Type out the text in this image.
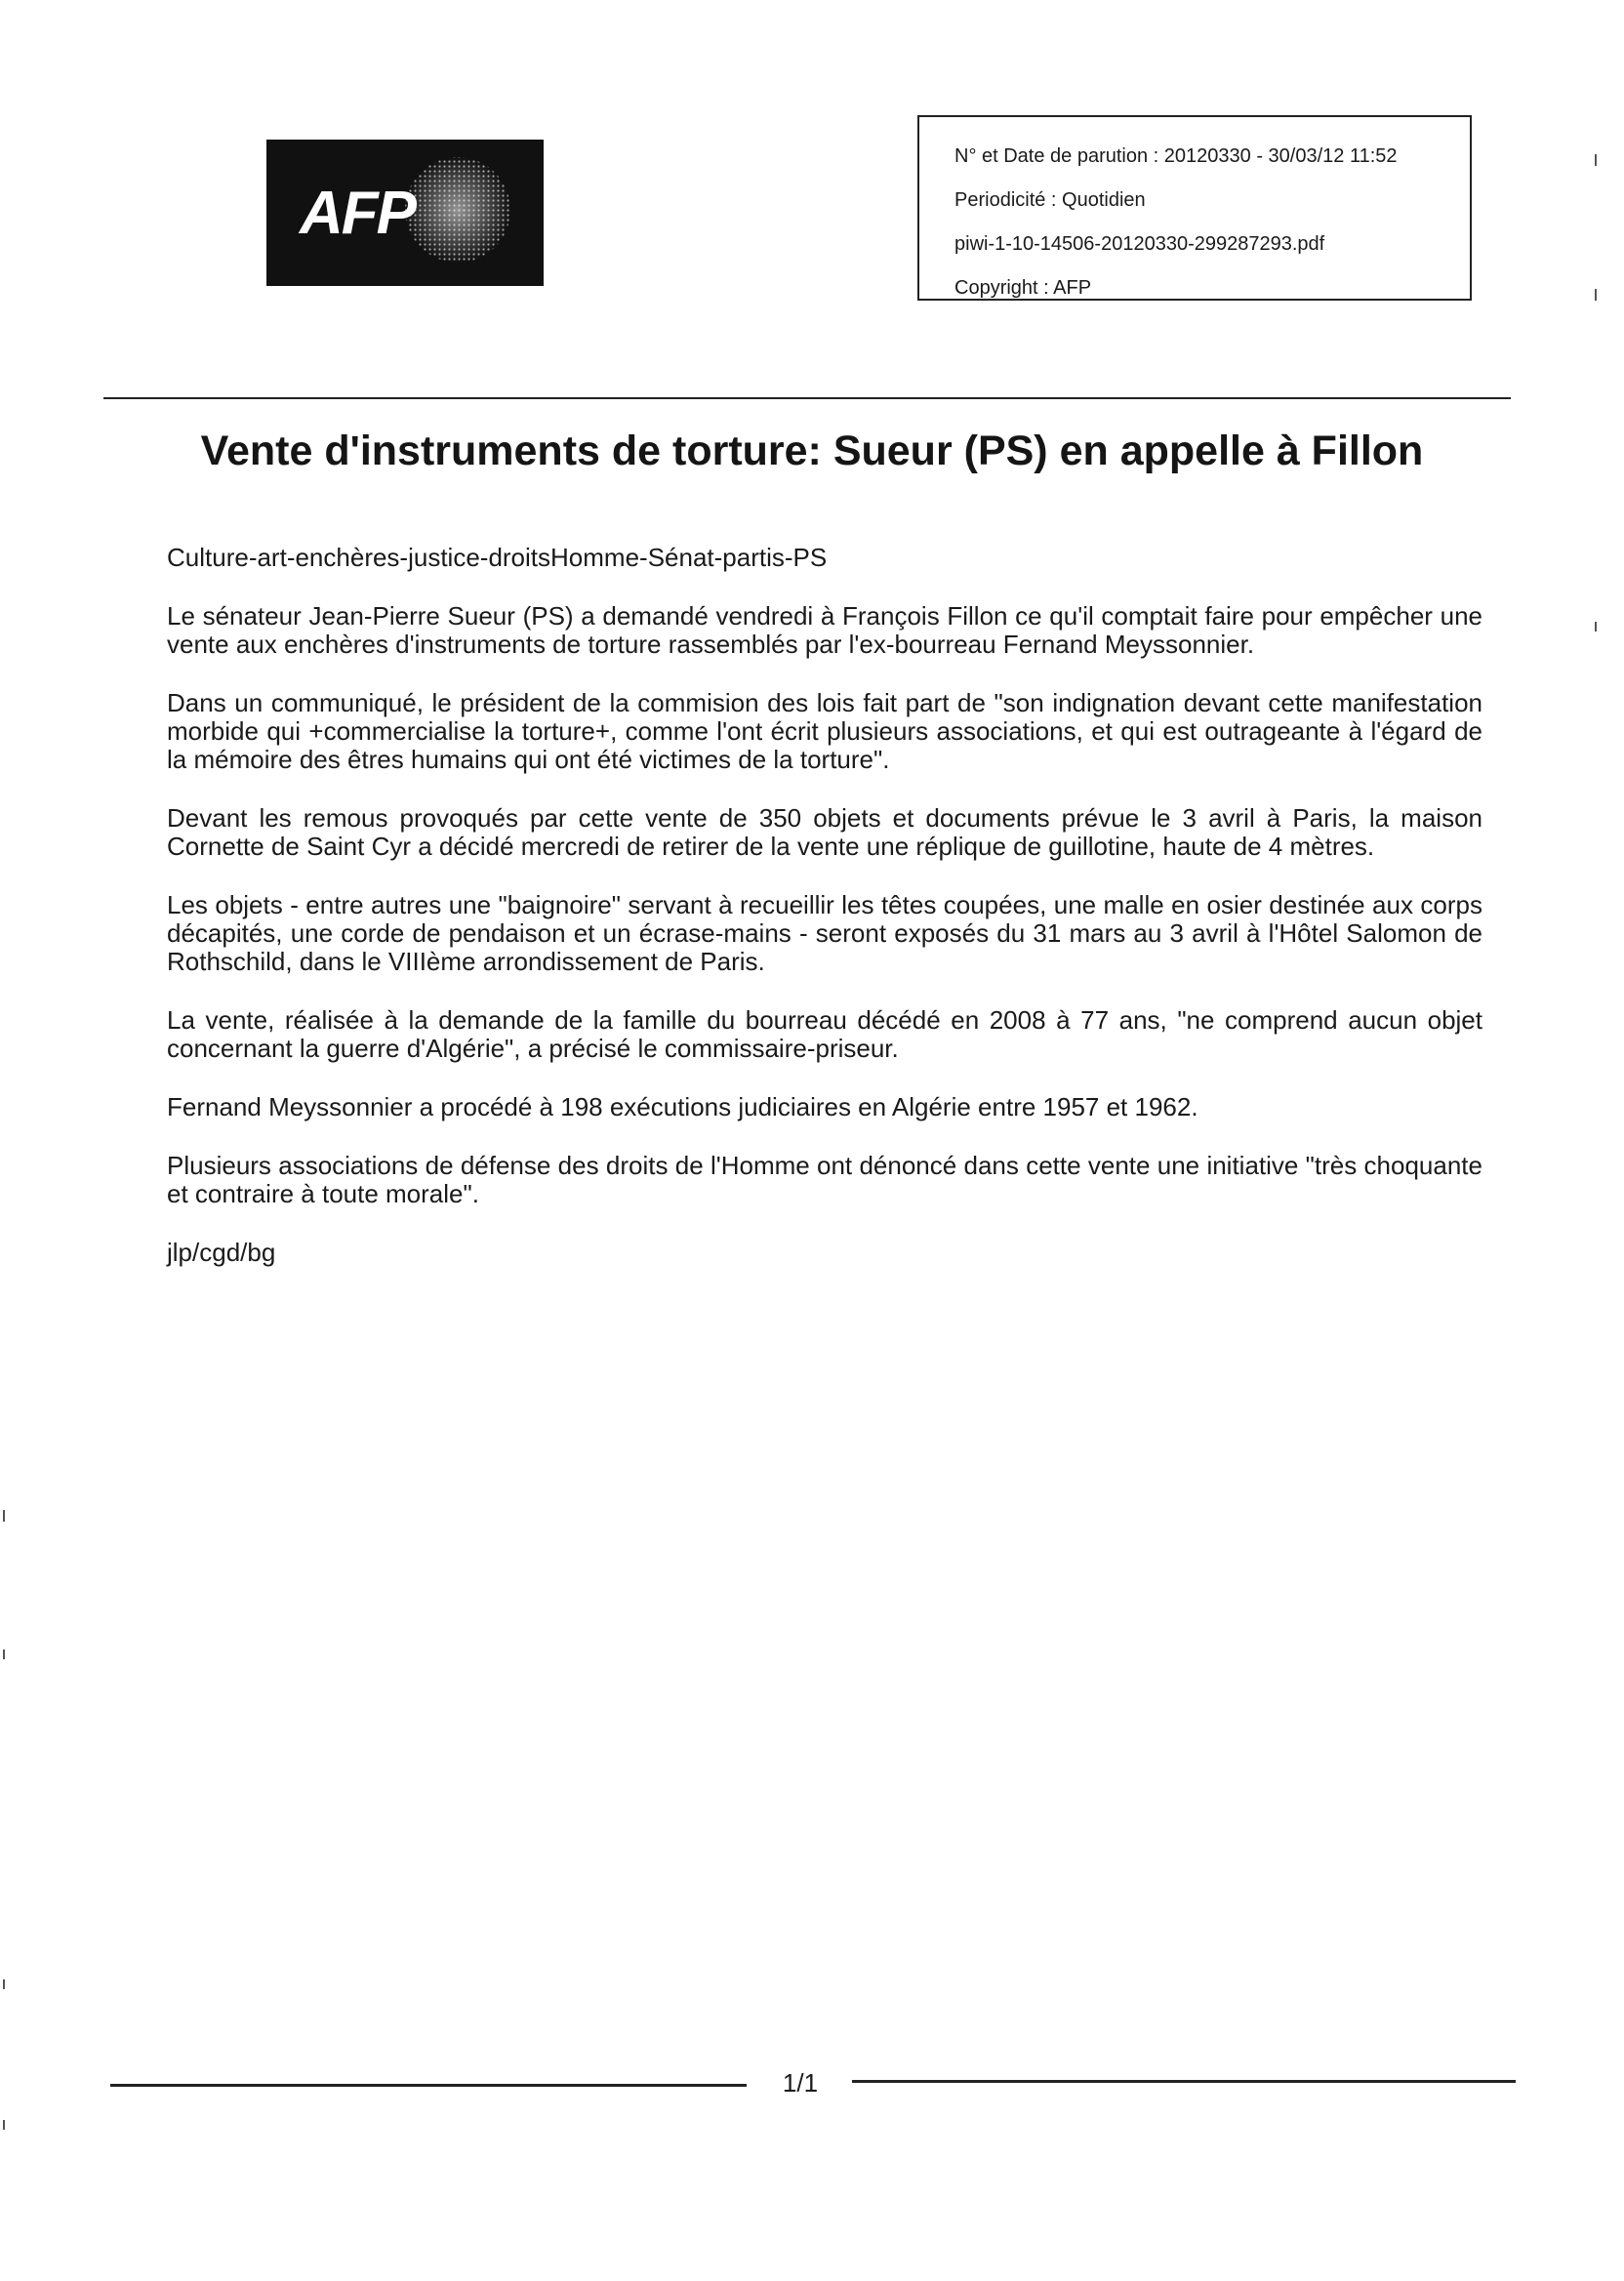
AFP
N° et Date de parution : 20120330 - 30/03/12 11:52
Periodicité : Quotidien
piwi-1-10-14506-20120330-299287293.pdf
Copyright : AFP
Vente d'instruments de torture: Sueur (PS) en appelle à Fillon

Culture-art-enchères-justice-droitsHomme-Sénat-partis-PS

Le sénateur Jean-Pierre Sueur (PS) a demandé vendredi à François Fillon ce qu'il comptait faire pour empêcher une vente aux enchères d'instruments de torture rassemblés par l'ex-bourreau Fernand Meyssonnier.

Dans un communiqué, le président de la commision des lois fait part de "son indignation devant cette manifestation morbide qui +commercialise la torture+, comme l'ont écrit plusieurs associations, et qui est outrageante à l'égard de la mémoire des êtres humains qui ont été victimes de la torture".

Devant les remous provoqués par cette vente de 350 objets et documents prévue le 3 avril à Paris, la maison Cornette de Saint Cyr a décidé mercredi de retirer de la vente une réplique de guillotine, haute de 4 mètres.

Les objets - entre autres une "baignoire" servant à recueillir les têtes coupées, une malle en osier destinée aux corps décapités, une corde de pendaison et un écrase-mains - seront exposés du 31 mars au 3 avril à l'Hôtel Salomon de Rothschild, dans le VIIIème arrondissement de Paris.

La vente, réalisée à la demande de la famille du bourreau décédé en 2008 à 77 ans, "ne comprend aucun objet concernant la guerre d'Algérie", a précisé le commissaire-priseur.

Fernand Meyssonnier a procédé à 198 exécutions judiciaires en Algérie entre 1957 et 1962.

Plusieurs associations de défense des droits de l'Homme ont dénoncé dans cette vente une initiative "très choquante et contraire à toute morale".

jlp/cgd/bg

1/1
